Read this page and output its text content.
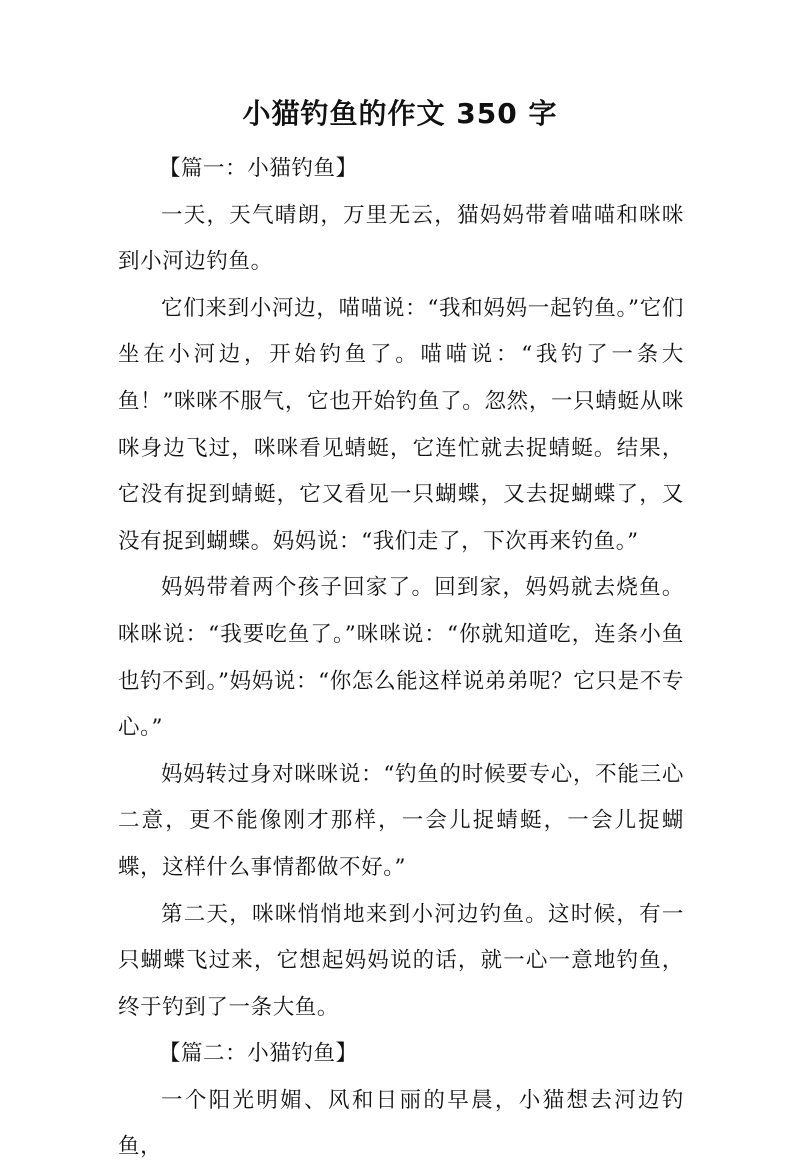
小猫钓鱼的作文 350 字

【篇一：小猫钓鱼】

一天，天气晴朗，万里无云，猫妈妈带着喵喵和咪咪到小河边钓鱼。

它们来到小河边，喵喵说：“我和妈妈一起钓鱼。”它们坐在小河边，开始钓鱼了。喵喵说：“我钓了一条大鱼！”咪咪不服气，它也开始钓鱼了。忽然，一只蜻蜓从咪咪身边飞过，咪咪看见蜻蜓，它连忙就去捉蜻蜓。结果，它没有捉到蜻蜓，它又看见一只蝴蝶，又去捉蝴蝶了，又没有捉到蝴蝶。妈妈说：“我们走了，下次再来钓鱼。”

妈妈带着两个孩子回家了。回到家，妈妈就去烧鱼。咪咪说：“我要吃鱼了。”咪咪说：“你就知道吃，连条小鱼也钓不到。”妈妈说：“你怎么能这样说弟弟呢？它只是不专心。”

妈妈转过身对咪咪说：“钓鱼的时候要专心，不能三心二意，更不能像刚才那样，一会儿捉蜻蜓，一会儿捉蝴蝶，这样什么事情都做不好。”

第二天，咪咪悄悄地来到小河边钓鱼。这时候，有一只蝴蝶飞过来，它想起妈妈说的话，就一心一意地钓鱼，终于钓到了一条大鱼。

【篇二：小猫钓鱼】

一个阳光明媚、风和日丽的早晨，小猫想去河边钓鱼，
